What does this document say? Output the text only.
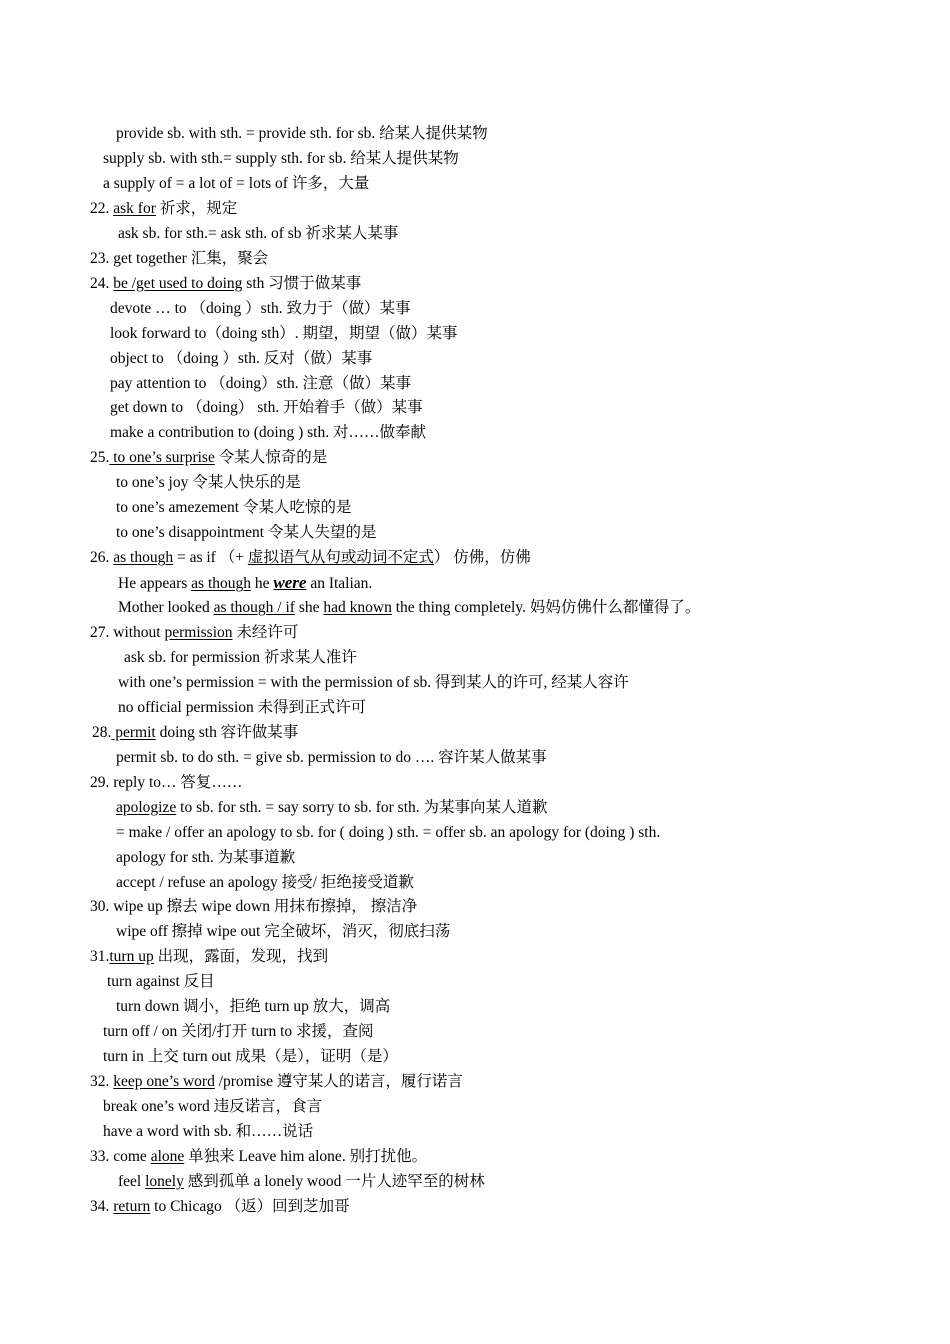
provide sb. with sth. = provide sth. for sb. 给某人提供某物
supply sb. with sth.= supply sth. for sb. 给某人提供某物
a supply of = a lot of = lots of 许多，大量
22. ask for 祈求，规定
ask sb. for sth.= ask sth. of sb 祈求某人某事
23. get together 汇集，聚会
24. be /get used to doing sth 习惯于做某事
devote … to （doing ）sth. 致力于（做）某事
look forward to（doing sth）. 期望，期望（做）某事
object to （doing ）sth. 反对（做）某事
pay attention to （doing）sth. 注意（做）某事
get down to （doing） sth. 开始着手（做）某事
make a contribution to (doing ) sth. 对……做奉献
25. to one’s surprise 令某人惊奇的是
to one’s joy 令某人快乐的是
to one’s amezement 令某人吃惊的是
to one’s disappointment 令某人失望的是
26. as though = as if （+ 虚拟语气从句或动词不定式） 仿佛，仿佛
He appears as though he were an Italian.
Mother looked as though / if she had known the thing completely. 妈妈仿佛什么都懂得了。
27. without permission 未经许可
ask sb. for permission 祈求某人准许
with one’s permission = with the permission of sb. 得到某人的许可, 经某人容许
no official permission 未得到正式许可
28. permit doing sth 容许做某事
permit sb. to do sth. = give sb. permission to do …. 容许某人做某事
29. reply to… 答复……
apologize to sb. for sth. = say sorry to sb. for sth. 为某事向某人道歉
= make / offer an apology to sb. for ( doing ) sth. = offer sb. an apology for (doing ) sth.
apology for sth. 为某事道歉
accept / refuse an apology 接受/ 拒绝接受道歉
30. wipe up 擦去 wipe down 用抹布擦掉， 擦洁净
wipe off 擦掉 wipe out 完全破坏，消灭，彻底扫荡
31.turn up 出现，露面，发现，找到
turn against 反目
turn down 调小，拒绝 turn up 放大，调高
turn off / on 关闭/打开 turn to 求援，查阅
turn in 上交 turn out 成果（是），证明（是）
32. keep one’s word /promise 遵守某人的诺言，履行诺言
break one’s word 违反诺言，食言
have a word with sb. 和……说话
33. come alone 单独来 Leave him alone. 别打扰他。
feel lonely 感到孤单 a lonely wood 一片人迹罕至的树林
34. return to Chicago （返）回到芝加哥
